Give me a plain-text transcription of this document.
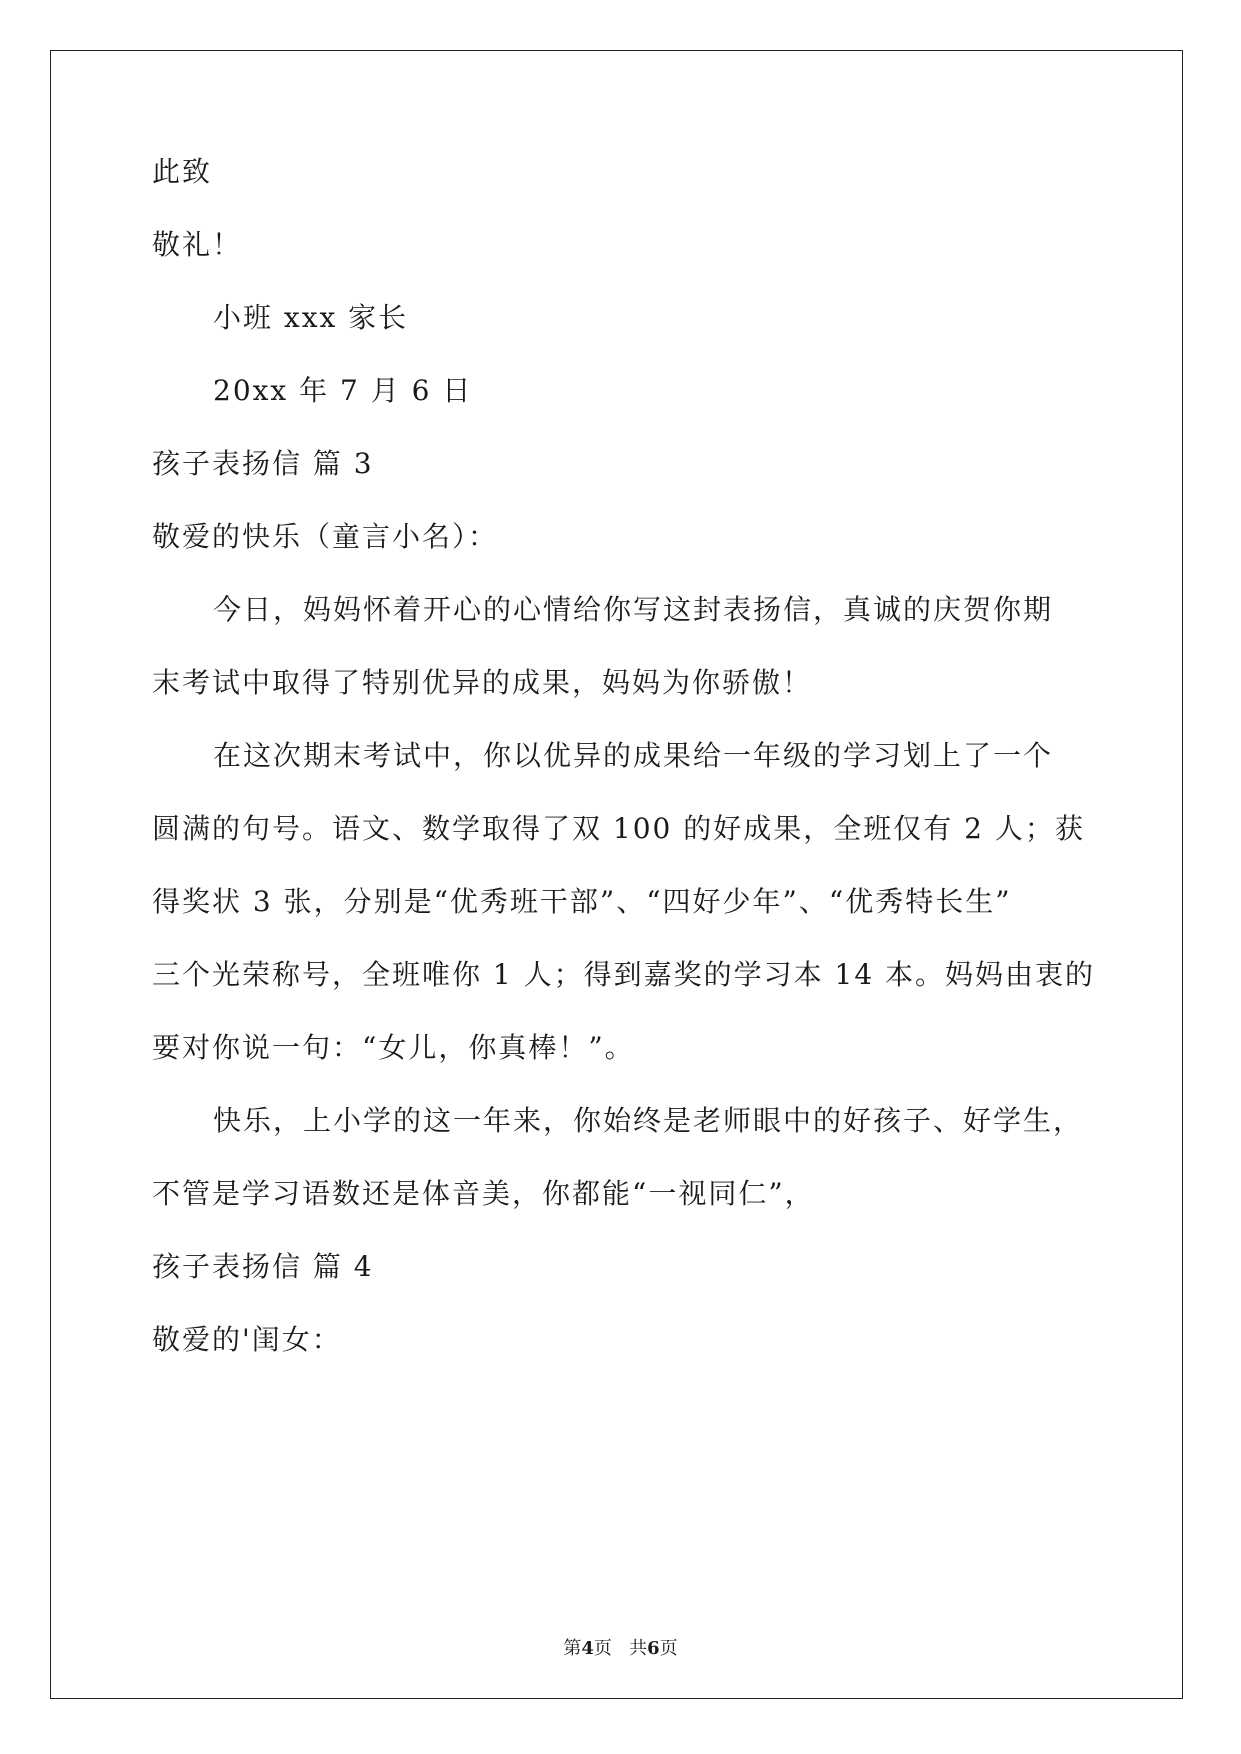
此致
敬礼！
小班 xxx 家长
20xx 年 7 月 6 日
孩子表扬信 篇 3
敬爱的快乐（童言小名）：
今日，妈妈怀着开心的心情给你写这封表扬信，真诚的庆贺你期
末考试中取得了特别优异的成果，妈妈为你骄傲！
在这次期末考试中，你以优异的成果给一年级的学习划上了一个
圆满的句号。语文、数学取得了双 100 的好成果，全班仅有 2 人；获
得奖状 3 张，分别是“优秀班干部”、“四好少年”、“优秀特长生”
三个光荣称号，全班唯你 1 人；得到嘉奖的学习本 14 本。妈妈由衷的
要对你说一句：“女儿，你真棒！”。
快乐，上小学的这一年来，你始终是老师眼中的好孩子、好学生，
不管是学习语数还是体音美，你都能“一视同仁”，
孩子表扬信 篇 4
敬爱的'闺女：
第4页 共6页
